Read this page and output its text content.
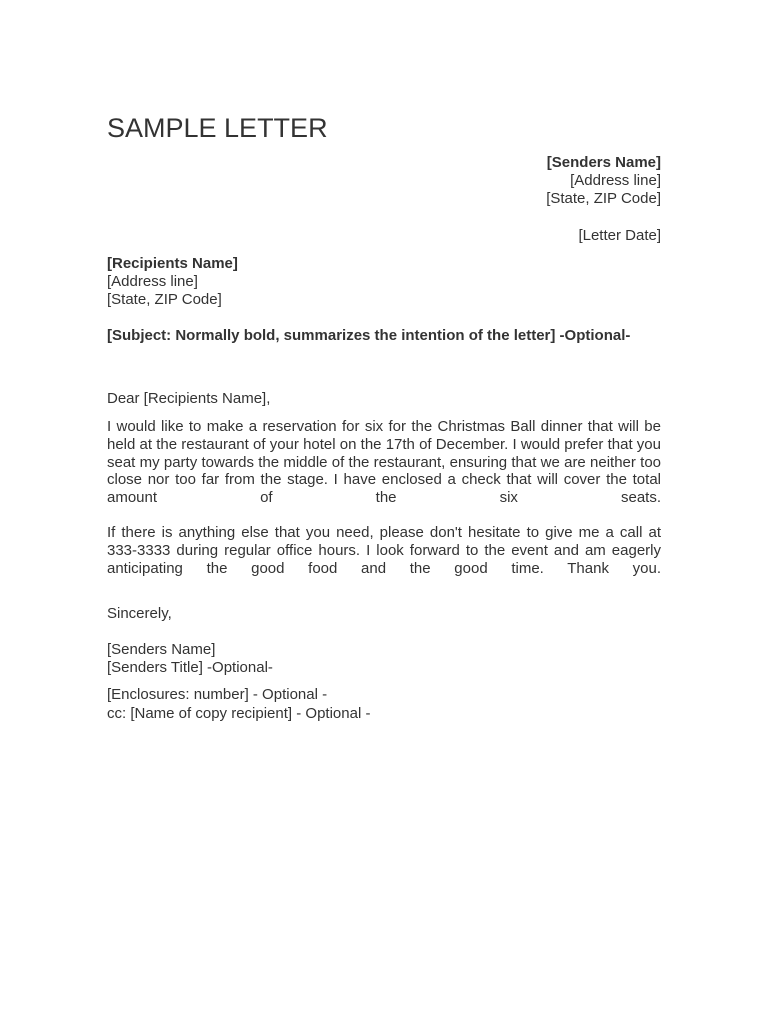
SAMPLE LETTER
[Senders Name]
[Address line]
[State, ZIP Code]
[Letter Date]
[Recipients Name]
[Address line]
[State, ZIP Code]
[Subject: Normally bold, summarizes the intention of the letter] -Optional-
Dear [Recipients Name],
I would like to make a reservation for six for the Christmas Ball dinner that will be held at the restaurant of your hotel on the 17th of December. I would prefer that you seat my party towards the middle of the restaurant, ensuring that we are neither too close nor too far from the stage. I have enclosed a check that will cover the total amount of the six seats.
If there is anything else that you need, please don't hesitate to give me a call at 333-3333 during regular office hours. I look forward to the event and am eagerly anticipating the good food and the good time. Thank you.
Sincerely,
[Senders Name]
[Senders Title] -Optional-
[Enclosures: number] - Optional -
cc: [Name of copy recipient] - Optional -
